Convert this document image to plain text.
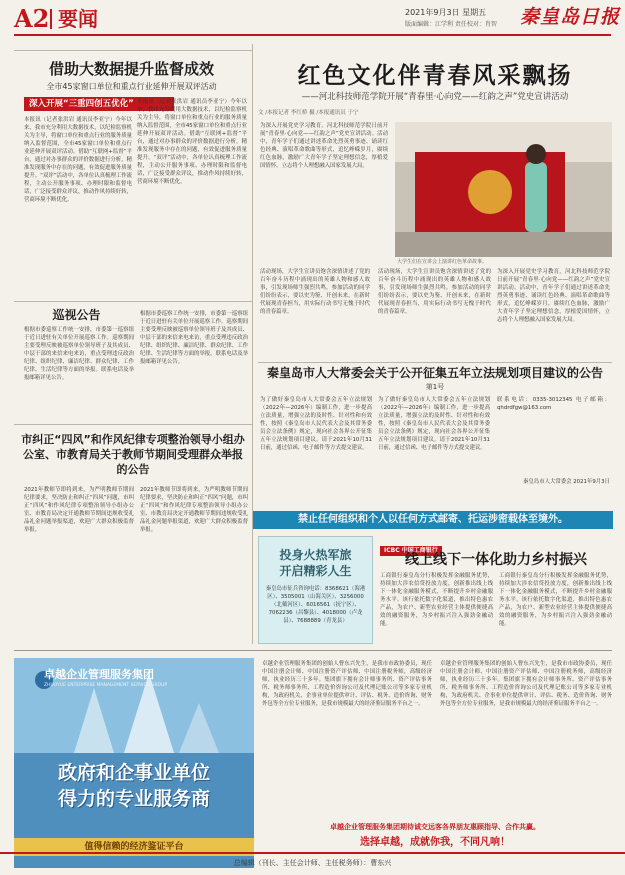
A2 要闻	2021年9月3日 星期五
版面编辑：江学利 责任校对：肖智 秦皇岛日报
借助大数据提升监督成效
全市45家窗口单位和重点行业延伸开展双评活动
深入开展“三重四创五优化”
本报讯（记者张洪岩 通讯员李亚宁）今年以来，我市充分利用大数据技术，以纪检监察机关为主导，将窗口单位和重点行业的服务质量纳入监督范围，全市45家窗口单位和重点行业延伸开展双评活动。借助“互联网+监督”平台，通过对办事群众的评价数据进行分析，精准发现服务中存在的问题，有效促进服务质量提升。“双评”活动中，各单位认真梳理工作流程，主动公开服务事项、办理时限和监督电话，广泛接受群众评议，推动作风持续好转，营商环境不断优化。
本报讯（记者张洪岩 通讯员李亚宁）今年以来，我市充分利用大数据技术，以纪检监察机关为主导，将窗口单位和重点行业的服务质量纳入监督范围，全市45家窗口单位和重点行业延伸开展双评活动。借助“互联网+监督”平台，通过对办事群众的评价数据进行分析，精准发现服务中存在的问题，有效促进服务质量提升。“双评”活动中，各单位认真梳理工作流程，主动公开服务事项、办理时限和监督电话，广泛接受群众评议，推动作风持续好转，营商环境不断优化。
巡视公告
根据市委巡察工作统一安排，市委第一巡察组于近日进驻有关单位开展巡察工作。巡察期间主要受理反映被巡察单位领导班子及其成员、中层干部的来信来电来访，重点受理违反政治纪律、组织纪律、廉洁纪律、群众纪律、工作纪律、生活纪律等方面的举报。联系电话及举报邮箱详见公告。
根据市委巡察工作统一安排，市委第一巡察组于近日进驻有关单位开展巡察工作。巡察期间主要受理反映被巡察单位领导班子及其成员、中层干部的来信来电来访，重点受理违反政治纪律、组织纪律、廉洁纪律、群众纪律、工作纪律、生活纪律等方面的举报。联系电话及举报邮箱详见公告。
市纠正“四风”和作风纪律专项整治领导小组办公室、市教育局关于教师节期间受理群众举报的公告
2021年教师节即将到来，为严明教师节期间纪律要求，坚决防止和纠正“四风”问题，市纠正“四风”和作风纪律专项整治领导小组办公室、市教育局决定开通教师节期间违规收受礼品礼金问题举报渠道，欢迎广大群众积极监督举报。
2021年教师节即将到来，为严明教师节期间纪律要求，坚决防止和纠正“四风”问题，市纠正“四风”和作风纪律专项整治领导小组办公室、市教育局决定开通教师节期间违规收受礼品礼金问题举报渠道，欢迎广大群众积极监督举报。
红色文化伴青春风采飘扬
——河北科技师范学院开展“青春里·心向党——红韵之声”党史宣讲活动
文 /本报记者 李红桥 摄 /本报通讯员 于宁
为深入开展党史学习教育，河北科技师范学院日前开展“青春里·心向党——红韵之声”党史宣讲活动。活动中，青年学子们通过讲述革命先烈英勇事迹、诵读红色经典、演唱革命歌曲等形式，追忆峥嵘岁月，赓续红色血脉，激励广大青年学子坚定理想信念，厚植爱国情怀，立志将个人理想融入国家发展大局。
大学生们在宣讲会上演讲红色革命故事。
活动现场，大学生宣讲员饱含深情讲述了党的百年奋斗历程中涌现出的英雄人物和感人故事，引发现场师生强烈共鸣。参加活动的同学们纷纷表示，要以史为鉴、开创未来，在新时代展现青春担当，用实际行动书写无愧于时代的青春篇章。
活动现场，大学生宣讲员饱含深情讲述了党的百年奋斗历程中涌现出的英雄人物和感人故事，引发现场师生强烈共鸣。参加活动的同学们纷纷表示，要以史为鉴、开创未来，在新时代展现青春担当，用实际行动书写无愧于时代的青春篇章。
为深入开展党史学习教育，河北科技师范学院日前开展“青春里·心向党——红韵之声”党史宣讲活动。活动中，青年学子们通过讲述革命先烈英勇事迹、诵读红色经典、演唱革命歌曲等形式，追忆峥嵘岁月，赓续红色血脉，激励广大青年学子坚定理想信念，厚植爱国情怀，立志将个人理想融入国家发展大局。
秦皇岛市人大常委会关于公开征集五年立法规划项目建议的公告
第1号
为了做好秦皇岛市人大常委会五年立法规划（2022年—2026年）编制工作，进一步提高立法质量，增强立法的及时性、针对性和有效性，按照《秦皇岛市人民代表大会及其常务委员会立法条例》规定，现向社会各界公开征集五年立法规划项目建议。请于2021年10月31日前，通过信函、电子邮件等方式提交建议。
为了做好秦皇岛市人大常委会五年立法规划（2022年—2026年）编制工作，进一步提高立法质量，增强立法的及时性、针对性和有效性，按照《秦皇岛市人民代表大会及其常务委员会立法条例》规定，现向社会各界公开征集五年立法规划项目建议。请于2021年10月31日前，通过信函、电子邮件等方式提交建议。
联系电话：0335-3012345 电子邮箱：qhdrdfgw@163.com
秦皇岛市人大常委会 2021年9月3日
禁止任何组织和个人以任何方式邮寄、托运涉密载体至境外。
投身火热军旅
开启精彩人生
秦皇岛市征兵咨询电话：8368621（海港区）、3505001（山海关区）、3256000（北戴河区）、6016561（抚宁区）、7062236（昌黎县）、4018000（卢龙县）、7688889（青龙县）
ICBC 中国工商银行
线上线下一体化助力乡村振兴
工商银行秦皇岛分行积极发挥金融服务优势，持续加大涉农信贷投放力度，创新推出线上线下一体化金融服务模式，不断提升乡村金融服务水平。该行依托数字化渠道，推出特色惠农产品，为农户、新型农业经营主体提供便捷高效的融资服务，为乡村振兴注入强劲金融动能。
工商银行秦皇岛分行积极发挥金融服务优势，持续加大涉农信贷投放力度，创新推出线上线下一体化金融服务模式，不断提升乡村金融服务水平。该行依托数字化渠道，推出特色惠农产品，为农户、新型农业经营主体提供便捷高效的融资服务，为乡村振兴注入强劲金融动能。
卓越企业管理服务集团
ZHUOYUE ENTERPRISE MANAGEMENT SERVICE GROUP
政府和企事业单位
得力的专业服务商
值得信赖的经济鉴证平台
卓越企业管理服务集团的创始人曹东兴先生，是我市市政协委员，现任中国注册会计师、中国注册资产评估师、中国注册税务师，高级经济师，执业经历三十多年。集团旗下拥有会计师事务所、资产评估事务所、税务师事务所、工程造价咨询公司及代理记账公司等多家专业机构，为政府机关、企事业单位提供审计、评估、税务、造价咨询、财务外包等全方位专业服务，是我市规模最大的经济鉴证服务平台之一。
卓越企业管理服务集团的创始人曹东兴先生，是我市市政协委员，现任中国注册会计师、中国注册资产评估师、中国注册税务师，高级经济师，执业经历三十多年。集团旗下拥有会计师事务所、资产评估事务所、税务师事务所、工程造价咨询公司及代理记账公司等多家专业机构，为政府机关、企事业单位提供审计、评估、税务、造价咨询、财务外包等全方位专业服务，是我市规模最大的经济鉴证服务平台之一。
卓越企业管理服务集团期待诚交远客各界朋友惠顾指导、合作共赢。
选择卓越，成就你我，不同凡响！
总编辑（刊长、主任会计师、主任税务师）：曹东兴
